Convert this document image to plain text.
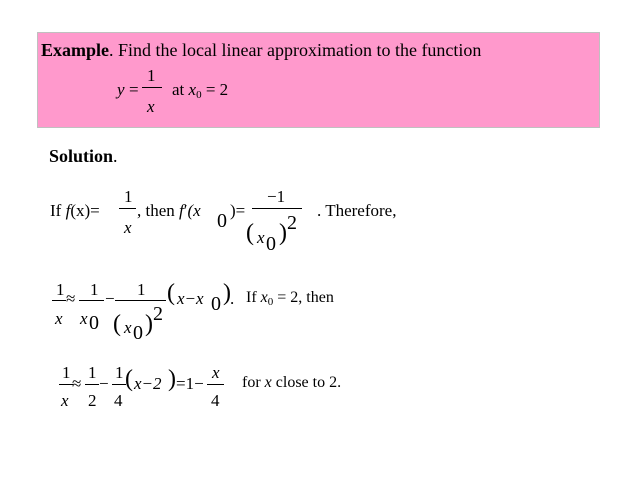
Example. Find the local linear approximation to the function
y =
1
x
at $x_0 = 2$
Solution.
If f(x)=
1
x
, then f′(x 0 )=
−1
( x 0 ) 2
. Therefore,
1
x
≈ 1
x 0
− 1
( x 0 ) 2
( x−x 0 ) . If $x_0 = 2$, then
1
x
≈
1
2
−
1
4
( x−2 ) =1−
x
4
for x close to 2.
